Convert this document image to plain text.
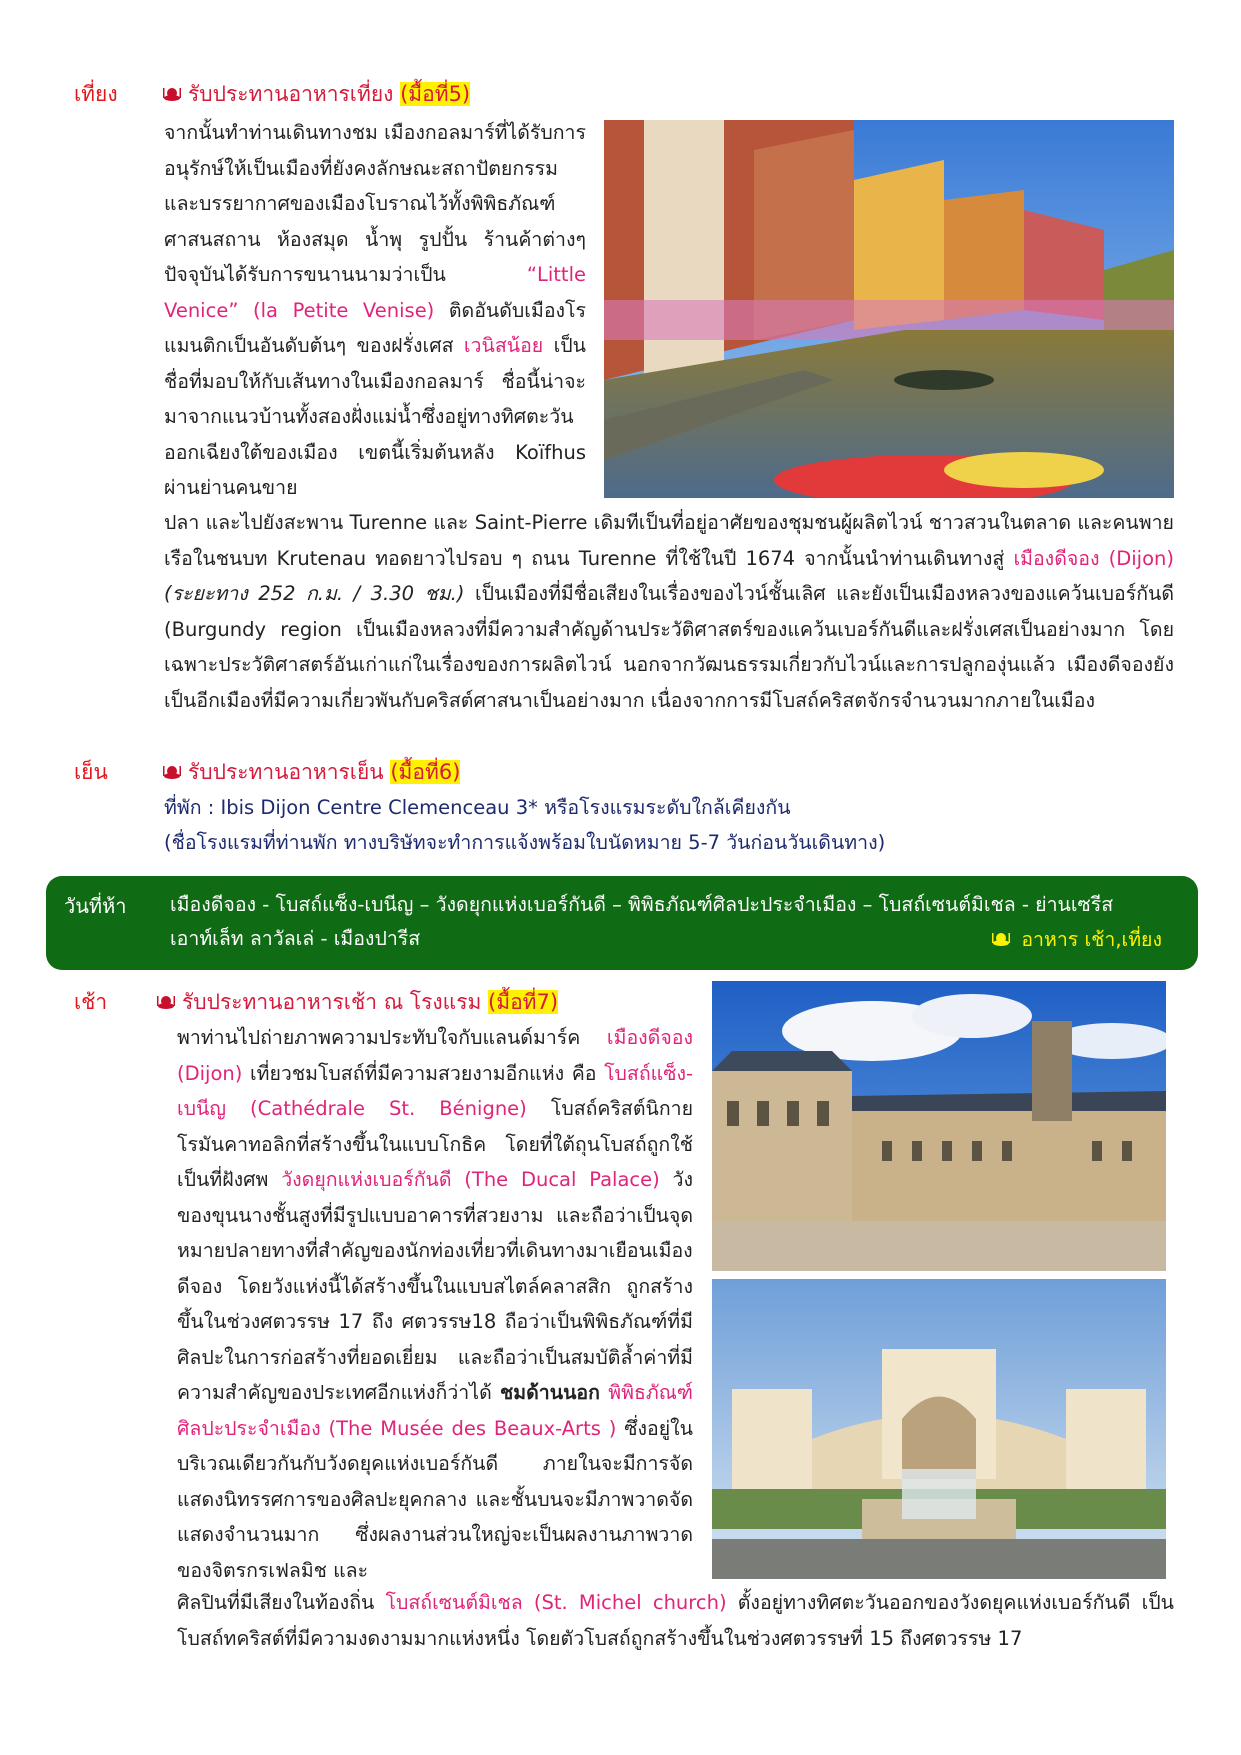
เที่ยง	รับประทานอาหารเที่ยง (มื้อที่5)
จากนั้นทำท่านเดินทางชม เมืองกอลมาร์ที่ได้รับการอนุรักษ์ให้เป็นเมืองที่ยังคงลักษณะสถาปัตยกรรมและบรรยากาศของเมืองโบราณไว้ทั้งพิพิธภัณฑ์ ศาสนสถาน ห้องสมุด น้ำพุ รูปปั้น ร้านค้าต่างๆ ปัจจุบันได้รับการขนานนามว่าเป็น	“Little Venice” (la Petite Venise) ติดอันดับเมืองโรแมนติกเป็นอันดับต้นๆ ของฝรั่งเศส เวนิสน้อย เป็นชื่อที่มอบให้กับเส้นทางในเมืองกอลมาร์ ชื่อนี้น่าจะมาจากแนวบ้านทั้งสองฝั่งแม่น้ำซึ่งอยู่ทางทิศตะวันออกเฉียงใต้ของเมือง เขตนี้เริ่มต้นหลัง Koïfhus ผ่านย่านคนขาย
ปลา และไปยังสะพาน Turenne และ Saint-Pierre เดิมทีเป็นที่อยู่อาศัยของชุมชนผู้ผลิตไวน์ ชาวสวนในตลาด และคนพายเรือในชนบท Krutenau ทอดยาวไปรอบ ๆ ถนน Turenne ที่ใช้ในปี 1674 จากนั้นนำท่านเดินทางสู่ เมืองดีจอง (Dijon) (ระยะทาง 252 ก.ม. / 3.30 ชม.) เป็นเมืองที่มีชื่อเสียงในเรื่องของไวน์ชั้นเลิศ และยังเป็นเมืองหลวงของแคว้นเบอร์กันดี (Burgundy region เป็นเมืองหลวงที่มีความสำคัญด้านประวัติศาสตร์ของแคว้นเบอร์กันดีและฝรั่งเศสเป็นอย่างมาก โดยเฉพาะประวัติศาสตร์อันเก่าแก่ในเรื่องของการผลิตไวน์ นอกจากวัฒนธรรมเกี่ยวกับไวน์และการปลูกองุ่นแล้ว เมืองดีจองยังเป็นอีกเมืองที่มีความเกี่ยวพันกับคริสต์ศาสนาเป็นอย่างมาก เนื่องจากการมีโบสถ์คริสตจักรจำนวนมากภายในเมือง
เย็น	รับประทานอาหารเย็น (มื้อที่6)
ที่พัก : Ibis Dijon Centre Clemenceau 3* หรือโรงแรมระดับใกล้เคียงกัน
(ชื่อโรงแรมที่ท่านพัก ทางบริษัทจะทำการแจ้งพร้อมใบนัดหมาย 5-7 วันก่อนวันเดินทาง)
วันที่ห้า เมืองดีจอง - โบสถ์แซ็ง-เบนีญ – วังดยุกแห่งเบอร์กันดี – พิพิธภัณฑ์ศิลปะประจำเมือง – โบสถ์เซนต์มิเชล - ย่านเซรีส
เอาท์เล็ท ลาวัลเล่ - เมืองปารีส	อาหาร เช้า,เที่ยง
เช้า	รับประทานอาหารเช้า ณ โรงแรม (มื้อที่7)
พาท่านไปถ่ายภาพความประทับใจกับแลนด์มาร์ค เมืองดีจอง (Dijon) เที่ยวชมโบสถ์ที่มีความสวยงามอีกแห่ง คือ โบสถ์แซ็ง-เบนีญ (Cathédrale St. Bénigne) โบสถ์คริสต์นิกายโรมันคาทอลิกที่สร้างขึ้นในแบบโกธิค โดยที่ใต้ถุนโบสถ์ถูกใช้เป็นที่ฝังศพ วังดยุกแห่งเบอร์กันดี (The Ducal Palace) วังของขุนนางชั้นสูงที่มีรูปแบบอาคารที่สวยงาม และถือว่าเป็นจุดหมายปลายทางที่สำคัญของนักท่องเที่ยวที่เดินทางมาเยือนเมืองดีจอง โดยวังแห่งนี้ได้สร้างขึ้นในแบบสไตล์คลาสสิก ถูกสร้างขึ้นในช่วงศตวรรษ 17 ถึง ศตวรรษ18 ถือว่าเป็นพิพิธภัณฑ์ที่มีศิลปะในการก่อสร้างที่ยอดเยี่ยม และถือว่าเป็นสมบัติล้ำค่าที่มีความสำคัญของประเทศอีกแห่งก็ว่าได้ ชมด้านนอก พิพิธภัณฑ์ศิลปะประจำเมือง (The Musée des Beaux-Arts ) ซึ่งอยู่ในบริเวณเดียวกันกับวังดยุคแห่งเบอร์กันดี ภายในจะมีการจัดแสดงนิทรรศการของศิลปะยุคกลาง และชั้นบนจะมีภาพวาดจัดแสดงจำนวนมาก ซึ่งผลงานส่วนใหญ่จะเป็นผลงานภาพวาดของจิตรกรเฟลมิช และ
ศิลปินที่มีเสียงในท้องถิ่น โบสถ์เซนต์มิเชล (St. Michel church) ตั้งอยู่ทางทิศตะวันออกของวังดยุคแห่งเบอร์กันดี เป็นโบสถ์ทคริสต์ที่มีความงดงามมากแห่งหนึ่ง โดยตัวโบสถ์ถูกสร้างขึ้นในช่วงศตวรรษที่ 15 ถึงศตวรรษ 17
